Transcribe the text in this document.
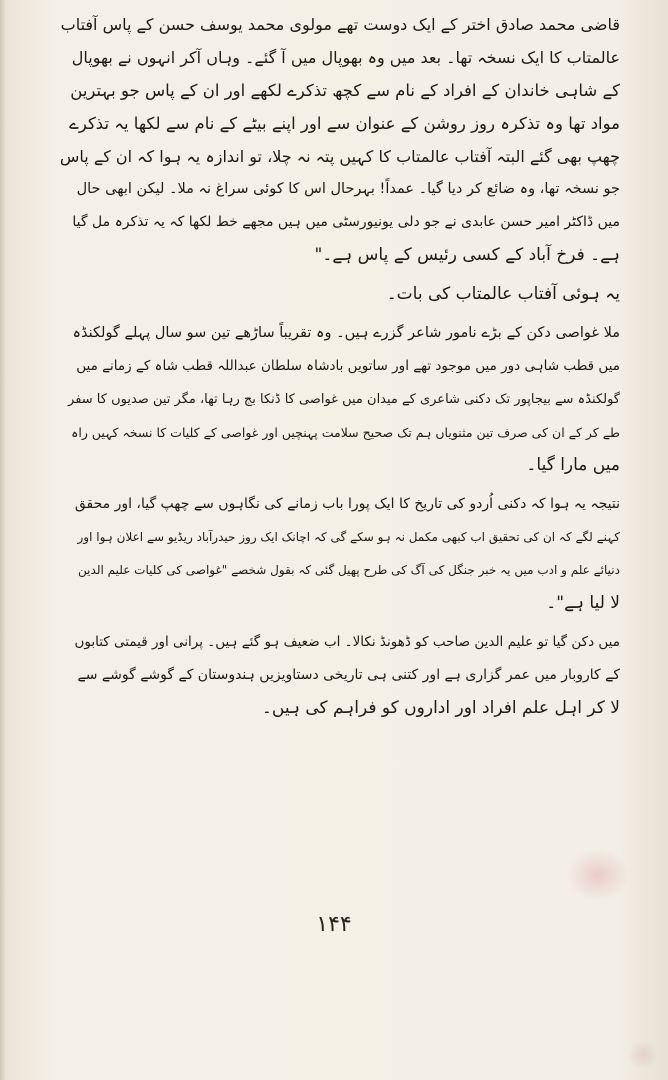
قاضی محمد صادق اختر کے ایک دوست تھے مولوی محمد یوسف حسن کے پاس آفتاب
عالمتاب کا ایک نسخہ تھا۔ بعد میں وہ بھوپال میں آ گئے۔ وہاں آکر انہوں نے بھوپال
کے شاہی خاندان کے افراد کے نام سے کچھ تذکرے لکھے اور ان کے پاس جو بہترین
مواد تھا وہ تذکرہ روز روشن کے عنوان سے اور اپنے بیٹے کے نام سے لکھا یہ تذکرے
چھپ بھی گئے البتہ آفتاب عالمتاب کا کہیں پتہ نہ چلا، تو اندازہ یہ ہوا کہ ان کے پاس
جو نسخہ تھا، وہ ضائع کر دیا گیا۔ عمداً! بہرحال اس کا کوئی سراغ نہ ملا۔ لیکن ابھی حال
میں ڈاکٹر امیر حسن عابدی نے جو دلی یونیورسٹی میں ہیں مجھے خط لکھا کہ یہ تذکرہ مل گیا
ہے۔ فرخ آباد کے کسی رئیس کے پاس ہے۔"

یہ ہوئی آفتاب عالمتاب کی بات۔

ملا غواصی دکن کے بڑے نامور شاعر گزرے ہیں۔ وہ تقریباً ساڑھے تین سو سال پہلے گولکنڈہ
میں قطب شاہی دور میں موجود تھے اور ساتویں بادشاہ سلطان عبداللہ قطب شاہ کے زمانے میں
گولکنڈہ سے بیجاپور تک دکنی شاعری کے میدان میں غواصی کا ڈنکا بج رہا تھا، مگر تین صدیوں کا سفر
طے کر کے ان کی صرف تین مثنویاں ہم تک صحیح سلامت پہنچیں اور غواصی کے کلیات کا نسخہ کہیں راہ
میں مارا گیا۔

نتیجہ یہ ہوا کہ دکنی اُردو کی تاریخ کا ایک پورا باب زمانے کی نگاہوں سے چھپ گیا، اور محقق
کہنے لگے کہ ان کی تحقیق اب کبھی مکمل نہ ہو سکے گی کہ اچانک ایک روز حیدرآباد ریڈیو سے اعلان ہوا اور
دنیائے علم و ادب میں یہ خبر جنگل کی آگ کی طرح پھیل گئی کہ بقول شخصے "غواصی کی کلیات علیم الدین
لا لیا ہے"۔

میں دکن گیا تو علیم الدین صاحب کو ڈھونڈ نکالا۔ اب ضعیف ہو گئے ہیں۔ پرانی اور قیمتی کتابوں
کے کاروبار میں عمر گزاری ہے اور کتنی ہی تاریخی دستاویزیں ہندوستان کے گوشے گوشے سے
لا کر اہل علم افراد اور اداروں کو فراہم کی ہیں۔

۱۴۴
